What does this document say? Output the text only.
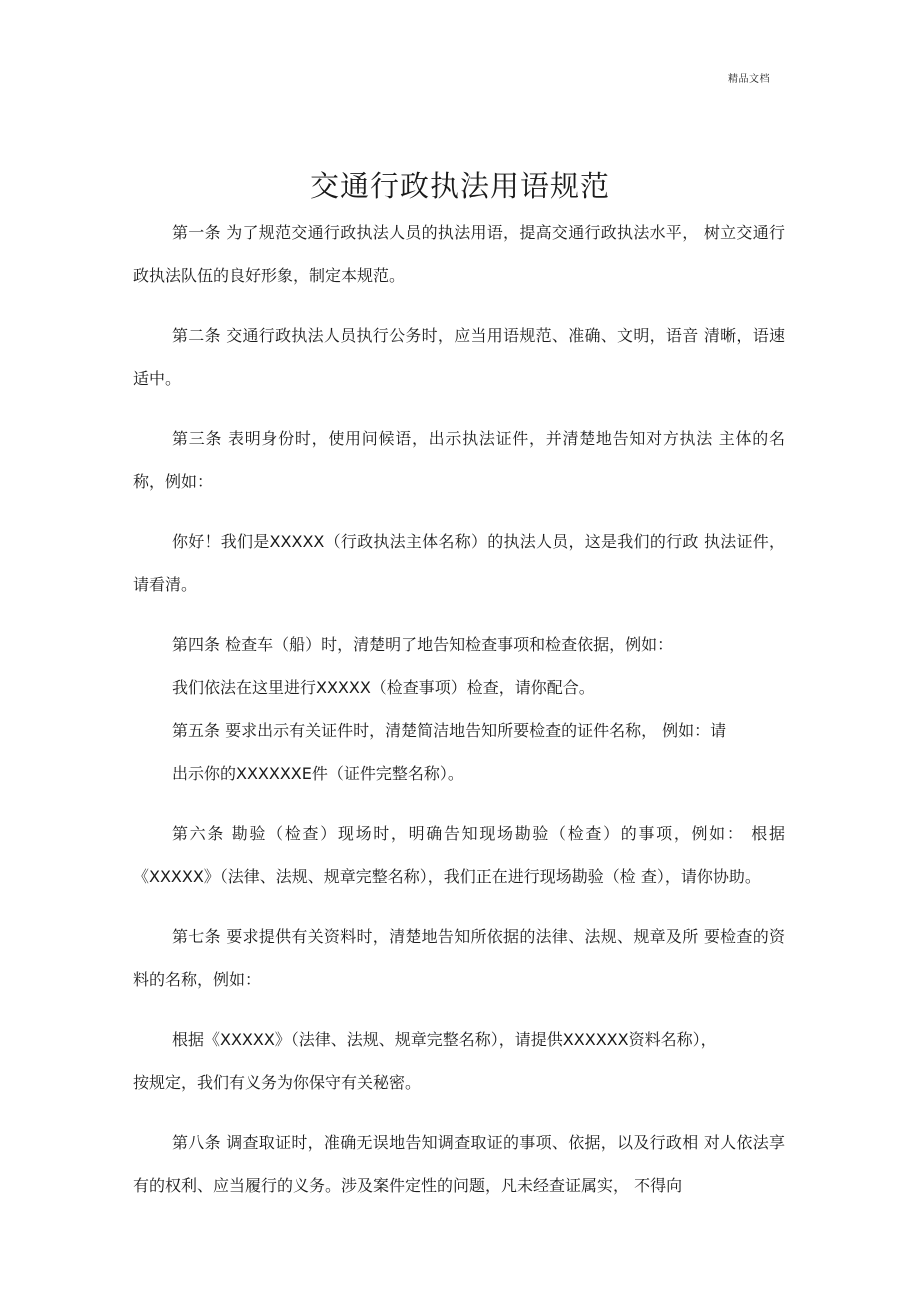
精品文档
交通行政执法用语规范

第一条 为了规范交通行政执法人员的执法用语，提高交通行政执法水平， 树立交通行政执法队伍的良好形象，制定本规范。

第二条 交通行政执法人员执行公务时，应当用语规范、准确、文明，语音 清晰，语速适中。

第三条 表明身份时，使用问候语，出示执法证件，并清楚地告知对方执法 主体的名称，例如：

你好！我们是XXXXX（行政执法主体名称）的执法人员，这是我们的行政 执法证件，请看清。

第四条 检查车（船）时，清楚明了地告知检查事项和检查依据，例如：

我们依法在这里进行XXXXX（检查事项）检查，请你配合。

第五条 要求出示有关证件时，清楚简洁地告知所要检查的证件名称， 例如：请

出示你的XXXXXXE件（证件完整名称）。

第六条 勘验（检查）现场时，明确告知现场勘验（检查）的事项，例如： 根据《XXXXX》（法律、法规、规章完整名称），我们正在进行现场勘验（检 查），请你协助。

第七条 要求提供有关资料时，清楚地告知所依据的法律、法规、规章及所 要检查的资料的名称，例如：

根据《XXXXX》（法律、法规、规章完整名称），请提供XXXXXX资料名称），

按规定，我们有义务为你保守有关秘密。

第八条 调查取证时，准确无误地告知调查取证的事项、依据，以及行政相 对人依法享有的权利、应当履行的义务。涉及案件定性的问题，凡未经查证属实， 不得向
